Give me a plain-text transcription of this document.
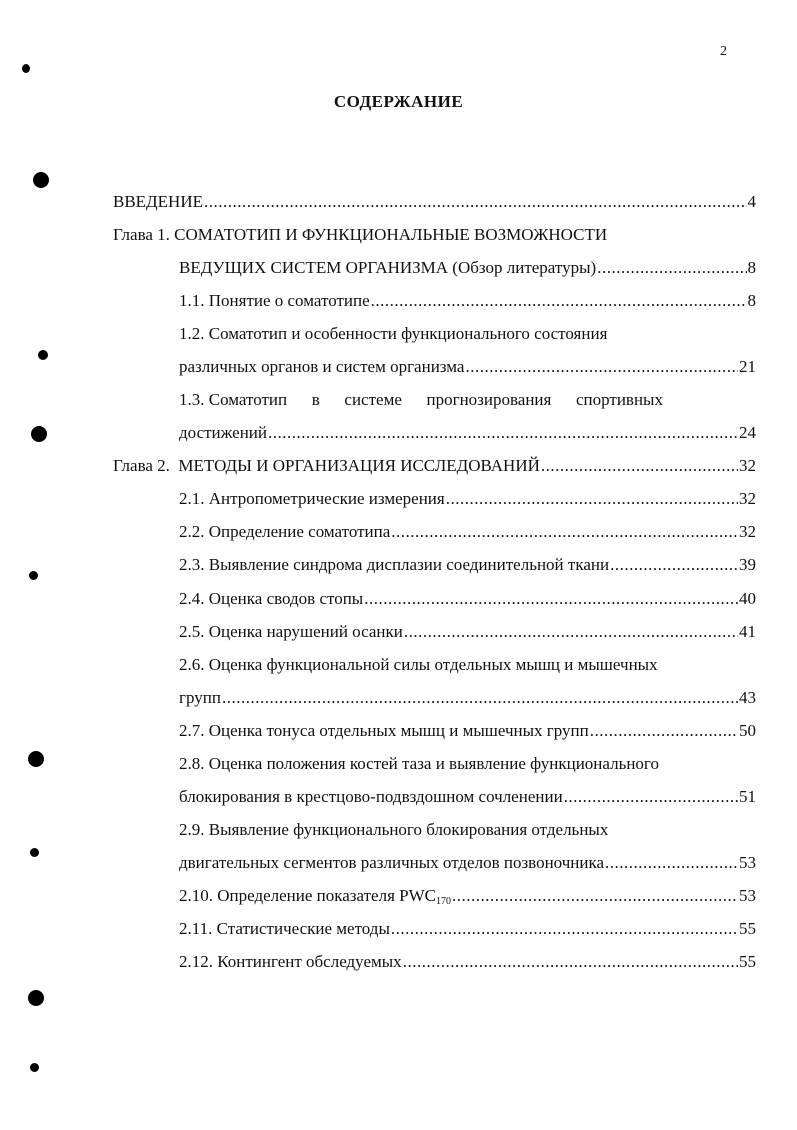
2
СОДЕРЖАНИЕ
ВВЕДЕНИЕ .....	4
Глава 1. СОМАТОТИП И ФУНКЦИОНАЛЬНЫЕ ВОЗМОЖНОСТИ
ВЕДУЩИХ СИСТЕМ ОРГАНИЗМА (Обзор литературы) .....	8
1.1. Понятие о соматотипе .....	8
1.2. Соматотип и особенности функционального состояния
различных органов и систем организма .....	21
1.3. Соматотип в системе прогнозирования спортивных
достижений .....	24
Глава 2.  МЕТОДЫ И ОРГАНИЗАЦИЯ ИССЛЕДОВАНИЙ .....	32
2.1. Антропометрические измерения .....	32
2.2. Определение соматотипа .....	32
2.3. Выявление синдрома дисплазии соединительной ткани .....	39
2.4. Оценка сводов стопы .....	40
2.5. Оценка нарушений осанки .....	41
2.6. Оценка функциональной силы отдельных мышц и мышечных
групп .....	43
2.7. Оценка тонуса отдельных мышц и мышечных групп .....	50
2.8. Оценка положения костей таза и выявление функционального
блокирования в крестцово-подвздошном сочленении .....	51
2.9. Выявление функционального блокирования отдельных
двигательных сегментов различных отделов позвоночника .....	53
2.10. Определение показателя $PWC_{170}$ .....	53
2.11. Статистические методы .....	55
2.12. Контингент обследуемых .....	55
